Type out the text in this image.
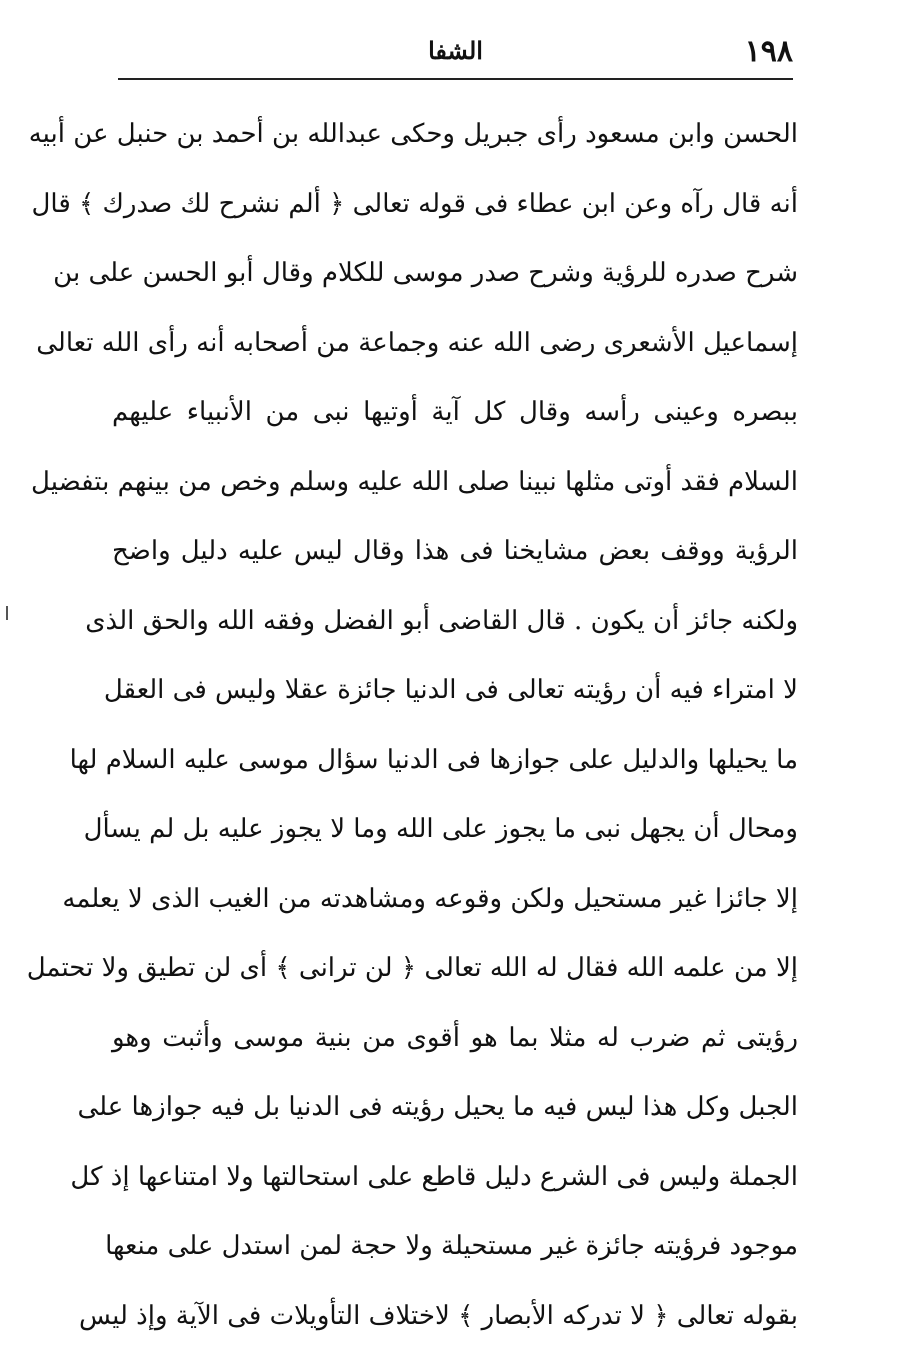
١٩٨
الشفا
الحسن وابن مسعود رأى جبريل وحكى عبدالله بن أحمد بن حنبل عن أبيه
أنه قال رآه وعن ابن عطاء فى قوله تعالى ﴿ ألم نشرح لك صدرك ﴾ قال
شرح صدره للرؤية وشرح صدر موسى للكلام وقال أبو الحسن على بن
إسماعيل الأشعرى رضى الله عنه وجماعة من أصحابه أنه رأى الله تعالى
ببصره وعينى رأسه وقال كل آية أوتيها نبى من الأنبياء عليهم
السلام فقد أوتى مثلها نبينا صلى الله عليه وسلم وخص من بينهم بتفضيل
الرؤية ووقف بعض مشايخنا فى هذا وقال ليس عليه دليل واضح
ولكنه جائز أن يكون . قال القاضى أبو الفضل وفقه الله والحق الذى
لا امتراء فيه أن رؤيته تعالى فى الدنيا جائزة عقلا وليس فى العقل
ما يحيلها والدليل على جوازها فى الدنيا سؤال موسى عليه السلام لها
ومحال أن يجهل نبى ما يجوز على الله وما لا يجوز عليه بل لم يسأل
إلا جائزا غير مستحيل ولكن وقوعه ومشاهدته من الغيب الذى لا يعلمه
إلا من علمه الله فقال له الله تعالى ﴿ لن ترانى ﴾ أى لن تطيق ولا تحتمل
رؤيتى ثم ضرب له مثلا بما هو أقوى من بنية موسى وأثبت وهو
الجبل وكل هذا ليس فيه ما يحيل رؤيته فى الدنيا بل فيه جوازها على
الجملة وليس فى الشرع دليل قاطع على استحالتها ولا امتناعها إذ كل
موجود فرؤيته جائزة غير مستحيلة ولا حجة لمن استدل على منعها
بقوله تعالى ﴿ لا تدركه الأبصار ﴾ لاختلاف التأويلات فى الآية وإذ ليس
